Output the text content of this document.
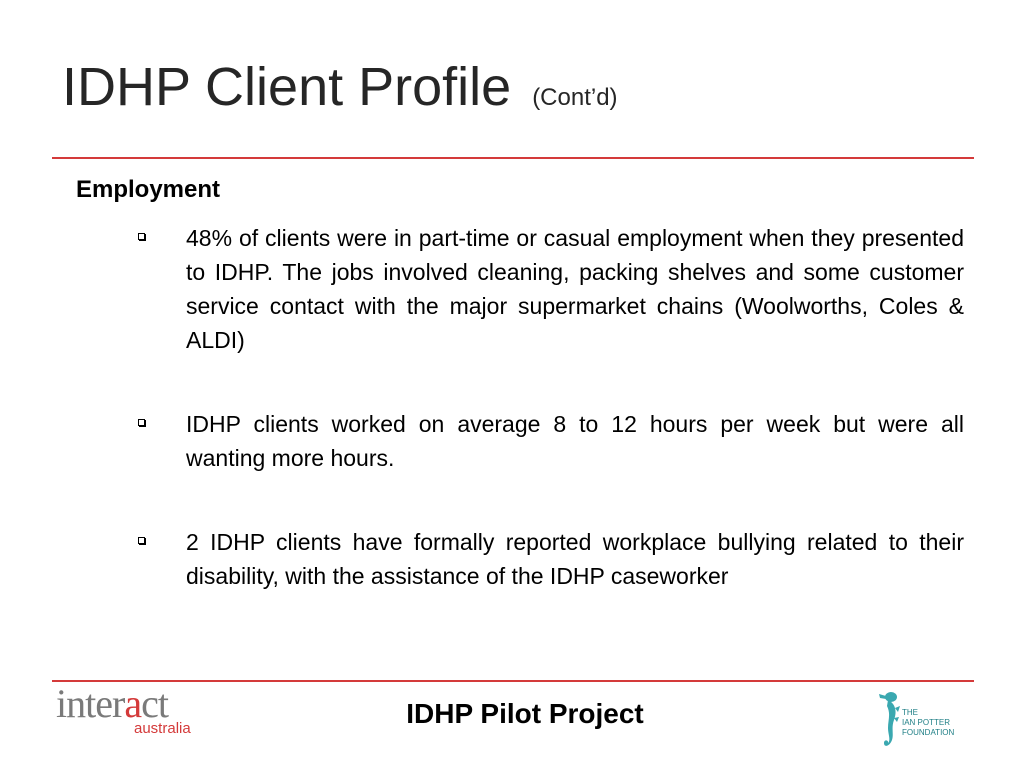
IDHP Client Profile (Cont’d)
Employment
48% of clients were in part-time or casual employment when they presented to IDHP. The jobs involved cleaning, packing shelves and some customer service contact with the major supermarket chains (Woolworths, Coles & ALDI)
IDHP clients worked on average 8 to 12 hours per week but were all wanting more hours.
2 IDHP clients have formally reported workplace bullying related to their disability, with the assistance of the IDHP caseworker
interact
australia	IDHP Pilot Project	THE
IAN POTTER
FOUNDATION
